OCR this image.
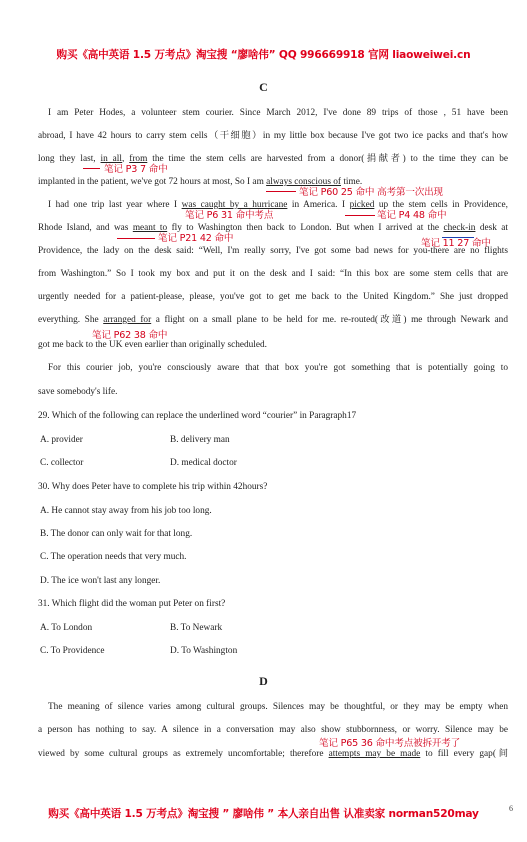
购买《高中英语 1.5 万考点》淘宝搜 “廖啥伟” QQ 996669918 官网 liaoweiwei.cn
C
I am Peter Hodes, a volunteer stem courier. Since March 2012, I've done 89 trips of those , 51 have been
abroad, I have 42 hours to carry stem cells（干细胞）in my little box because I've got two ice packs and that's how
long they last, in all, from the time the stem cells are harvested from a donor(捐献者) to the time they can be
implanted in the patient, we've got 72 hours at most, So I am always conscious of time.
I had one trip last year where I was caught by a hurricane in America. I picked up the stem cells in Providence,
Rhode Island, and was meant to fly to Washington then back to London. But when I arrived at the check-in desk at
Providence, the lady on the desk said: “Well, I'm really sorry, I've got some bad news for you-there are no flights
from Washington.” So I took my box and put it on the desk and I said: “In this box are some stem cells that are
urgently needed for a patient-please, please, you've got to get me back to the United Kingdom.” She just dropped
everything. She arranged for a flight on a small plane to be held for me. re-routed(改道) me through Newark and
got me back to the UK even earlier than originally scheduled.
For this courier job, you're consciously aware that that box you're got something that is potentially going to
save somebody's life.
笔记 P3 7 命中
笔记 P60 25 命中 高考第一次出现
笔记 P6 31 命中考点	笔记 P4 48 命中
笔记 P21 42 命中	笔记 11 27 命中
笔记 P62 38 命中
29. Which of the following can replace the underlined word “courier” in Paragraph17
A. provider	B. delivery man
C. collector	D. medical doctor
30. Why does Peter have to complete his trip within 42hours?
A. He cannot stay away from his job too long.
B. The donor can only wait for that long.
C. The operation needs that very much.
D. The ice won't last any longer.
31. Which flight did the woman put Peter on first?
A. To London	B. To Newark
C. To Providence	D. To Washington
D
The meaning of silence varies among cultural groups. Silences may be thoughtful, or they may be empty when
a person has nothing to say. A silence in a conversation may also show stubbornness, or worry. Silence may be
viewed by some cultural groups as extremely uncomfortable; therefore attempts may be made to fill every gap(间
笔记 P65 36 命中考点被拆开考了
购买《高中英语 1.5 万考点》淘宝搜 ” 廖啥伟 ” 本人亲自出售 认准卖家 norman520may	6
